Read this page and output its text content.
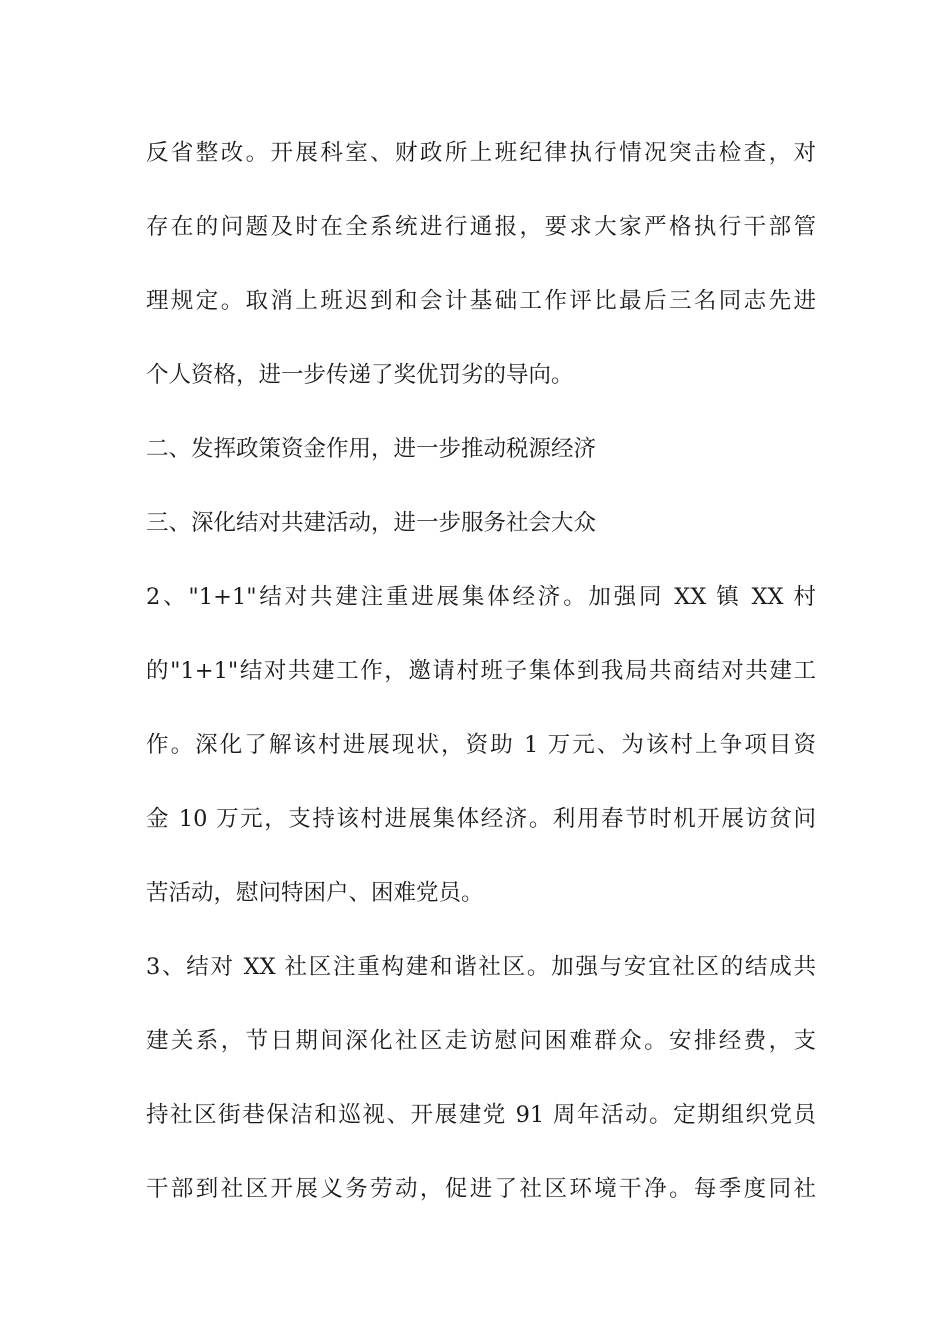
反省整改。开展科室、财政所上班纪律执行情况突击检查，对
存在的问题及时在全系统进行通报，要求大家严格执行干部管
理规定。取消上班迟到和会计基础工作评比最后三名同志先进
个人资格，进一步传递了奖优罚劣的导向。
二、发挥政策资金作用，进一步推动税源经济
三、深化结对共建活动，进一步服务社会大众
2、"1+1"结对共建注重进展集体经济。加强同 XX 镇 XX 村
的"1+1"结对共建工作，邀请村班子集体到我局共商结对共建工
作。深化了解该村进展现状，资助 1 万元、为该村上争项目资
金 10 万元，支持该村进展集体经济。利用春节时机开展访贫问
苦活动，慰问特困户、困难党员。
3、结对 XX 社区注重构建和谐社区。加强与安宜社区的结成共
建关系，节日期间深化社区走访慰问困难群众。安排经费，支
持社区街巷保洁和巡视、开展建党 91 周年活动。定期组织党员
干部到社区开展义务劳动，促进了社区环境干净。每季度同社
